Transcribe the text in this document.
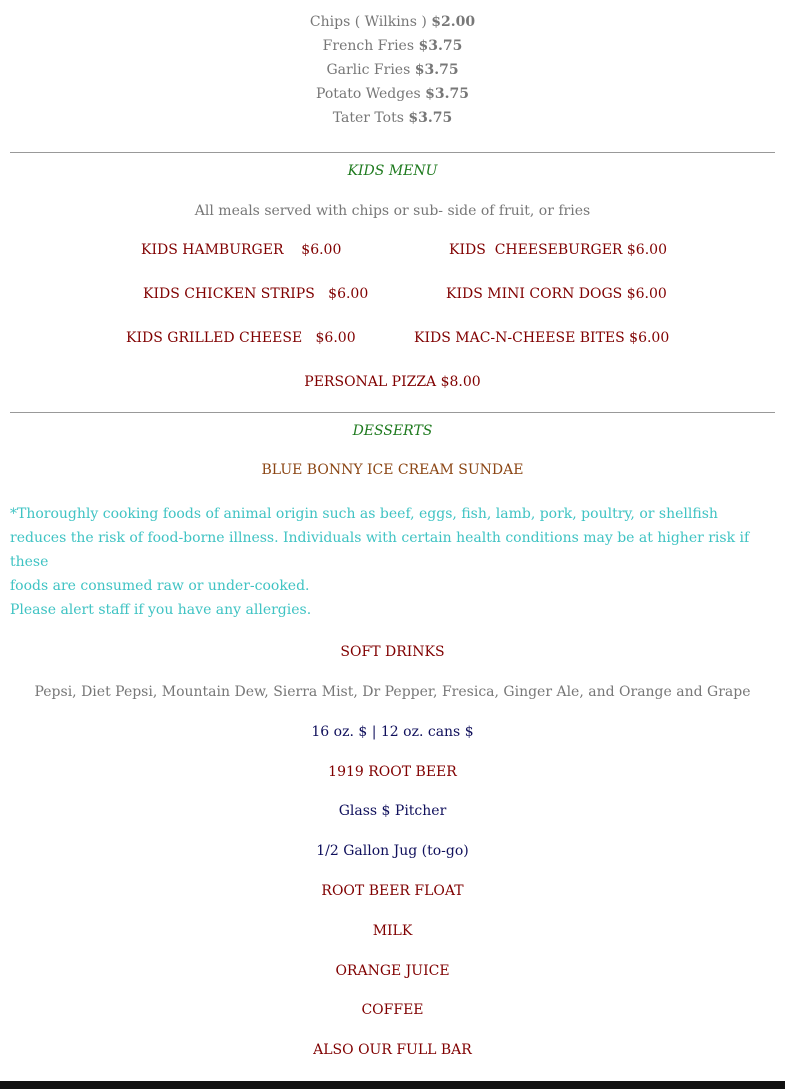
Chips ( Wilkins ) $2.00
French Fries $3.75
Garlic Fries $3.75
Potato Wedges $3.75
Tater Tots $3.75
KIDS MENU
All meals served with chips or sub- side of fruit, or fries
KIDS HAMBURGER    $6.00	KIDS  CHEESEBURGER $6.00
KIDS CHICKEN STRIPS   $6.00	KIDS MINI CORN DOGS $6.00
KIDS GRILLED CHEESE   $6.00	KIDS MAC-N-CHEESE BITES $6.00
PERSONAL PIZZA $8.00
DESSERTS
BLUE BONNY ICE CREAM SUNDAE
*Thoroughly cooking foods of animal origin such as beef, eggs, fish, lamb, pork, poultry, or shellfish
reduces the risk of food-borne illness. Individuals with certain health conditions may be at higher risk if these
foods are consumed raw or under-cooked.
Please alert staff if you have any allergies.
SOFT DRINKS
Pepsi, Diet Pepsi, Mountain Dew, Sierra Mist, Dr Pepper, Fresica, Ginger Ale, and Orange and Grape
16 oz. $ | 12 oz. cans $
1919 ROOT BEER
Glass $ Pitcher
1/2 Gallon Jug (to-go)
ROOT BEER FLOAT
MILK
ORANGE JUICE
COFFEE
ALSO OUR FULL BAR
